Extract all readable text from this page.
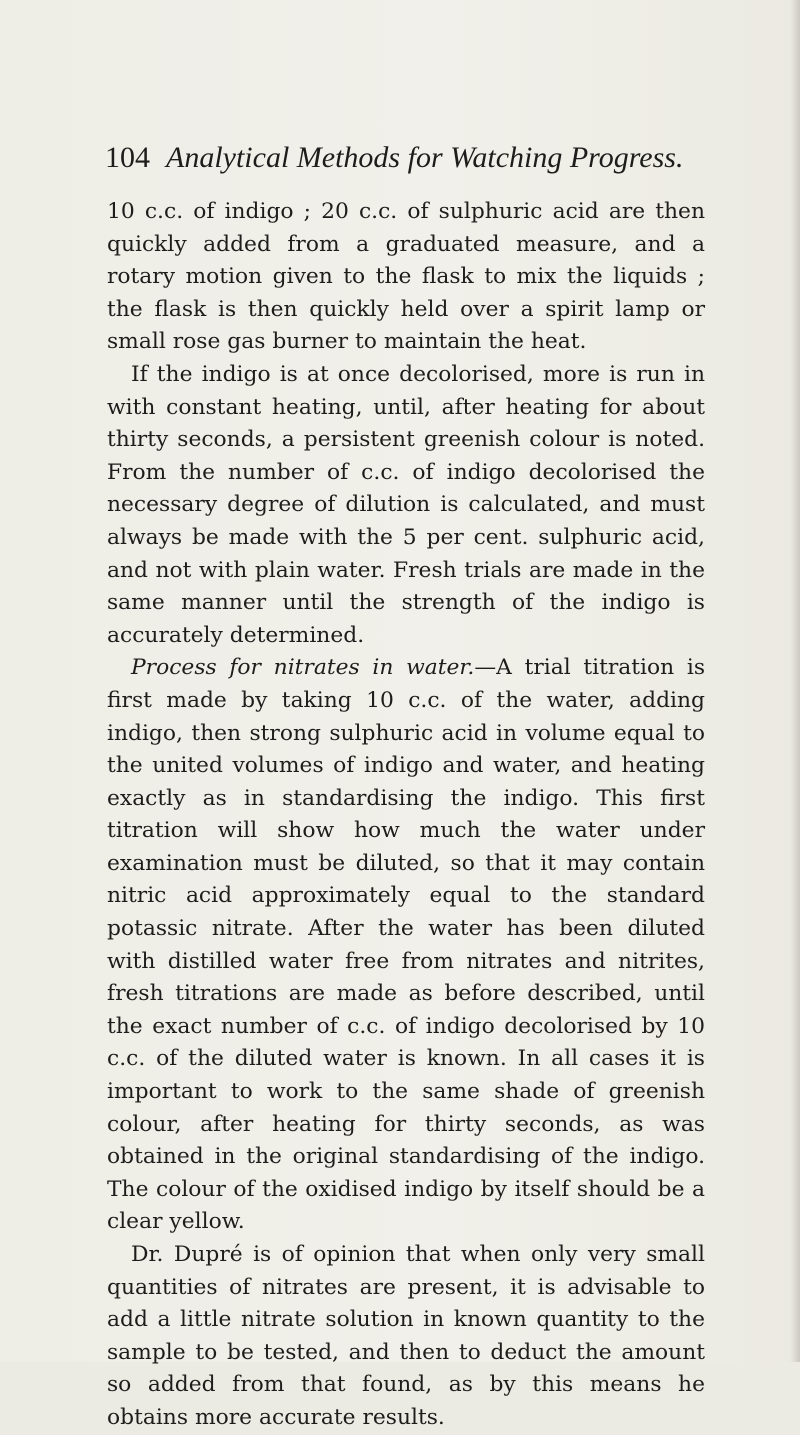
104 Analytical Methods for Watching Progress.

10 c.c. of indigo ; 20 c.c. of sulphuric acid are then quickly added from a graduated measure, and a rotary motion given to the flask to mix the liquids ; the flask is then quickly held over a spirit lamp or small rose gas burner to maintain the heat.

If the indigo is at once decolorised, more is run in with constant heating, until, after heating for about thirty seconds, a persistent greenish colour is noted. From the number of c.c. of indigo decolorised the necessary degree of dilution is calculated, and must always be made with the 5 per cent. sulphuric acid, and not with plain water. Fresh trials are made in the same manner until the strength of the indigo is accurately determined.

Process for nitrates in water.—A trial titration is first made by taking 10 c.c. of the water, adding indigo, then strong sulphuric acid in volume equal to the united volumes of indigo and water, and heating exactly as in standardising the indigo. This first titration will show how much the water under examination must be diluted, so that it may contain nitric acid approximately equal to the standard potassic nitrate. After the water has been diluted with distilled water free from nitrates and nitrites, fresh titrations are made as before described, until the exact number of c.c. of indigo decolorised by 10 c.c. of the diluted water is known. In all cases it is important to work to the same shade of greenish colour, after heating for thirty seconds, as was obtained in the original standardising of the indigo. The colour of the oxidised indigo by itself should be a clear yellow.

Dr. Dupré is of opinion that when only very small quantities of nitrates are present, it is advisable to add a little nitrate solution in known quantity to the sample to be tested, and then to deduct the amount so added from that found, as by this means he obtains more accurate results.
